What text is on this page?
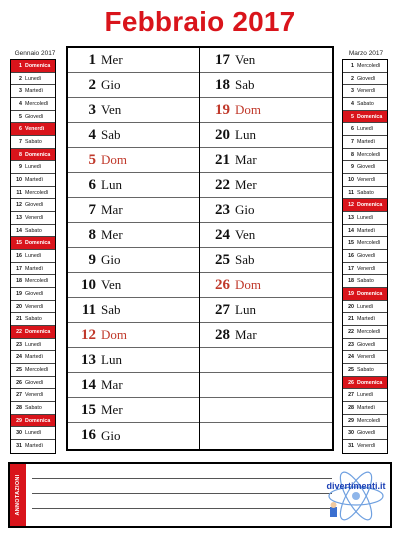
Febbraio 2017
Gennaio 2017
1 Domenica
2 Lunedì
3 Martedì
4 Mercoledì
5 Giovedì
6 Venerdì
7 Sabato
8 Domenica
9 Lunedì
10 Martedì
11 Mercoledì
12 Giovedì
13 Venerdì
14 Sabato
15 Domenica
16 Lunedì
17 Martedì
18 Mercoledì
19 Giovedì
20 Venerdì
21 Sabato
22 Domenica
23 Lunedì
24 Martedì
25 Mercoledì
26 Giovedì
27 Venerdì
28 Sabato
29 Domenica
30 Lunedì
31 Martedì
Marzo 2017
1 Mercoledì
2 Giovedì
3 Venerdì
4 Sabato
5 Domenica
6 Lunedì
7 Martedì
8 Mercoledì
9 Giovedì
10 Venerdì
11 Sabato
12 Domenica
13 Lunedì
14 Martedì
15 Mercoledì
16 Giovedì
17 Venerdì
18 Sabato
19 Domenica
20 Lunedì
21 Martedì
22 Mercoledì
23 Giovedì
24 Venerdì
25 Sabato
26 Domenica
27 Lunedì
28 Martedì
29 Mercoledì
30 Giovedì
31 Venerdì
1 Mer
2 Gio
3 Ven
4 Sab
5 Dom
6 Lun
7 Mar
8 Mer
9 Gio
10 Ven
11 Sab
12 Dom
13 Lun
14 Mar
15 Mer
16 Gio
17 Ven
18 Sab
19 Dom
20 Lun
21 Mar
22 Mer
23 Gio
24 Ven
25 Sab
26 Dom
27 Lun
28 Mar
ANNOTAZIONI	divertimenti.it
